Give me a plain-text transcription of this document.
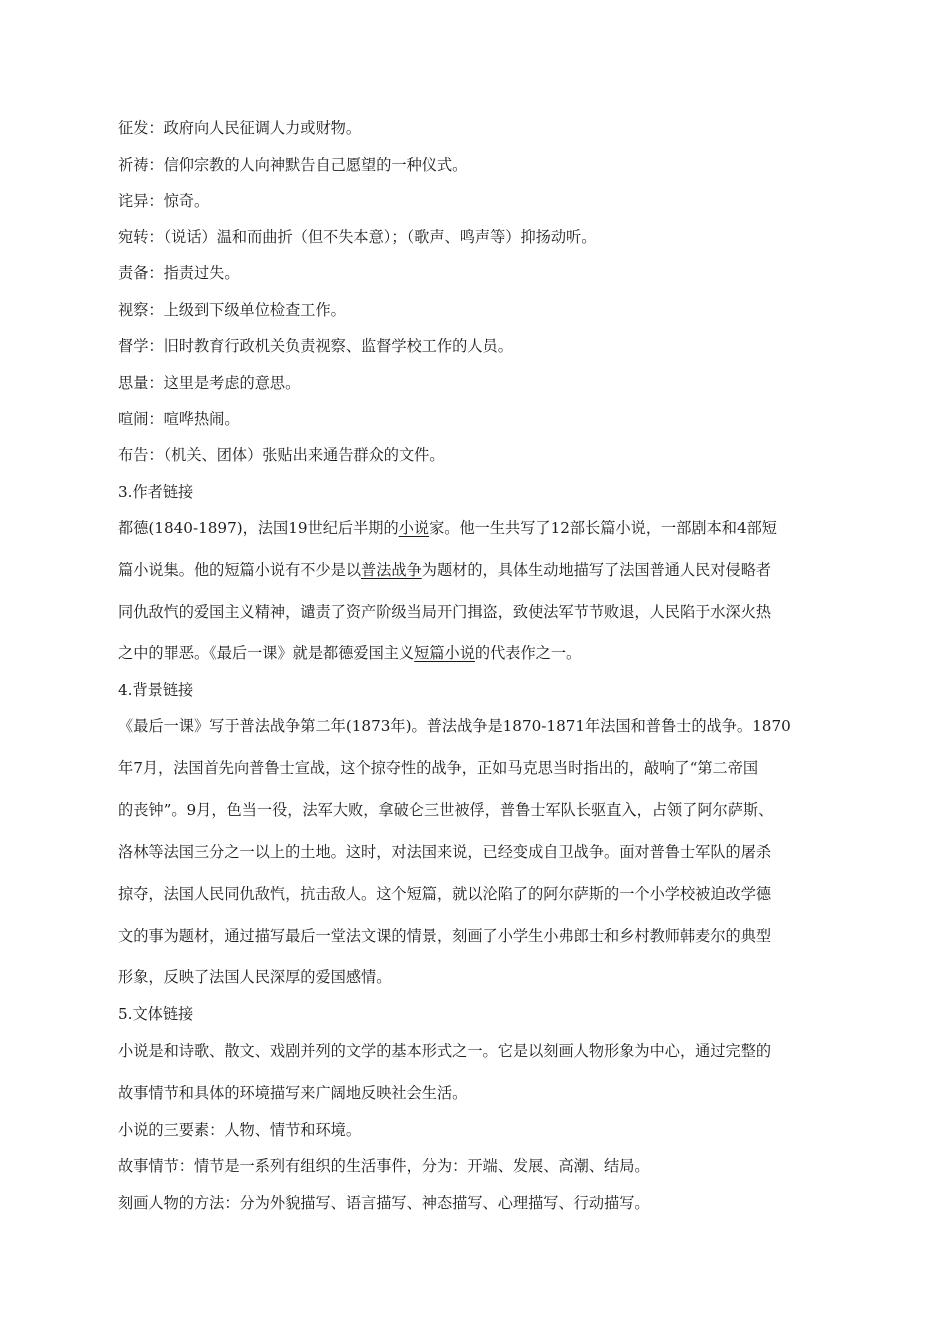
征发：政府向人民征调人力或财物。
祈祷：信仰宗教的人向神默告自己愿望的一种仪式。
诧异：惊奇。
宛转：（说话）温和而曲折（但不失本意）；（歌声、鸣声等）抑扬动听。
责备：指责过失。
视察：上级到下级单位检查工作。
督学：旧时教育行政机关负责视察、监督学校工作的人员。
思量：这里是考虑的意思。
喧闹：喧哗热闹。
布告：（机关、团体）张贴出来通告群众的文件。
3.作者链接
都德(1840-1897)，法国19世纪后半期的小说家。他一生共写了12部长篇小说，一部剧本和4部短
篇小说集。他的短篇小说有不少是以普法战争为题材的，具体生动地描写了法国普通人民对侵略者
同仇敌忾的爱国主义精神，谴责了资产阶级当局开门揖盗，致使法军节节败退，人民陷于水深火热
之中的罪恶。《最后一课》就是都德爱国主义短篇小说的代表作之一。
4.背景链接
《最后一课》写于普法战争第二年(1873年)。普法战争是1870-1871年法国和普鲁士的战争。1870
年7月，法国首先向普鲁士宣战，这个掠夺性的战争，正如马克思当时指出的，敲响了“第二帝国
的丧钟”。9月，色当一役，法军大败，拿破仑三世被俘，普鲁士军队长驱直入，占领了阿尔萨斯、
洛林等法国三分之一以上的土地。这时，对法国来说，已经变成自卫战争。面对普鲁士军队的屠杀
掠夺，法国人民同仇敌忾，抗击敌人。这个短篇，就以沦陷了的阿尔萨斯的一个小学校被迫改学德
文的事为题材，通过描写最后一堂法文课的情景，刻画了小学生小弗郎士和乡村教师韩麦尔的典型
形象，反映了法国人民深厚的爱国感情。
5.文体链接
小说是和诗歌、散文、戏剧并列的文学的基本形式之一。它是以刻画人物形象为中心，通过完整的
故事情节和具体的环境描写来广阔地反映社会生活。
小说的三要素：人物、情节和环境。
故事情节：情节是一系列有组织的生活事件，分为：开端、发展、高潮、结局。
刻画人物的方法：分为外貌描写、语言描写、神态描写、心理描写、行动描写。
